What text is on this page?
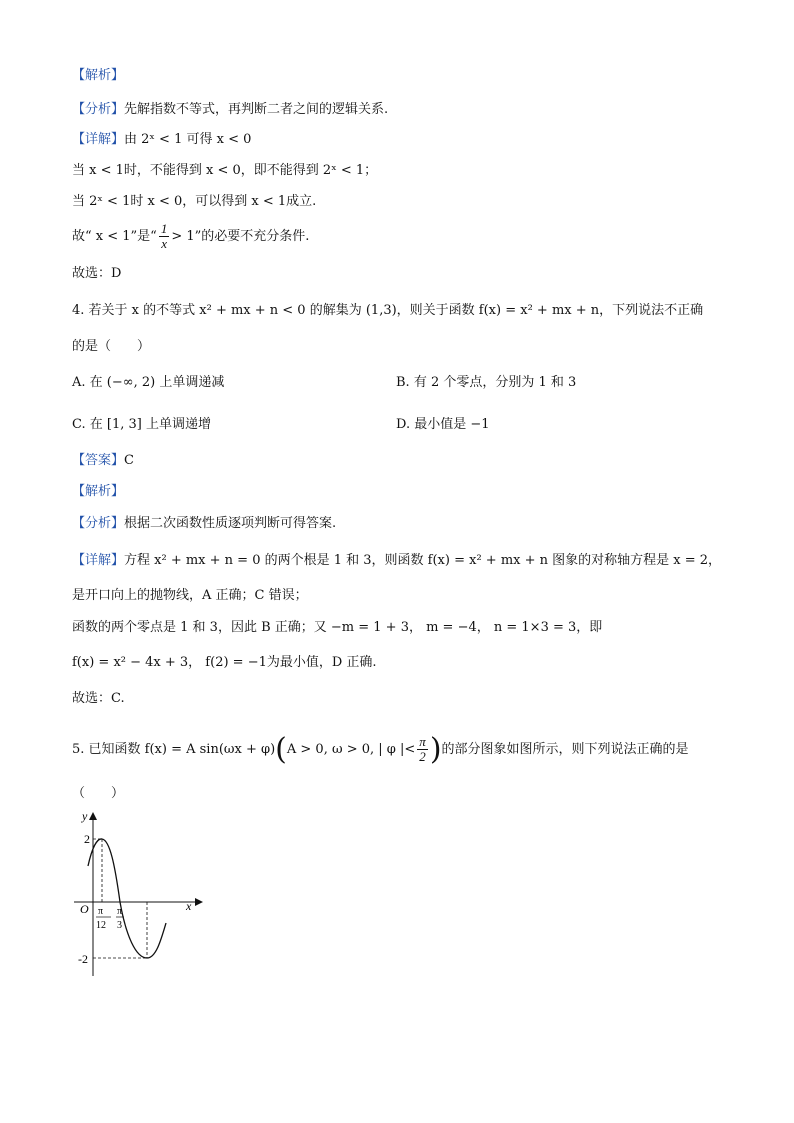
【解析】
【分析】先解指数不等式，再判断二者之间的逻辑关系.
【详解】由 2ˣ < 1 可得 x < 0
当 x < 1时，不能得到 x < 0，即不能得到 2ˣ < 1；
当 2ˣ < 1时 x < 0，可以得到 x < 1成立.
故“ x < 1”是“ $\frac{1}{x} > 1$”的必要不充分条件.
故选：D
4. 若关于 x 的不等式 x² + mx + n < 0 的解集为 (1,3)，则关于函数 f(x) = x² + mx + n，下列说法不正确
的是（　　）
A. 在 (−∞, 2) 上单调递减	B. 有 2 个零点，分别为 1 和 3
C. 在 [1, 3] 上单调递增	D. 最小值是 −1
【答案】C
【解析】
【分析】根据二次函数性质逐项判断可得答案.
【详解】方程 x² + mx + n = 0 的两个根是 1 和 3，则函数 f(x) = x² + mx + n 图象的对称轴方程是 x = 2，
是开口向上的抛物线，A 正确；C 错误；
函数的两个零点是 1 和 3，因此 B 正确；又 −m = 1 + 3， m = −4， n = 1×3 = 3，即
f(x) = x² − 4x + 3， f(2) = −1为最小值，D 正确.
故选：C.
5. 已知函数 f(x) = A sin(ωx + φ)(A > 0, ω > 0, | φ |< $\frac{\pi}{2}$ )的部分图象如图所示，则下列说法正确的是
（　　）
y
x
O
2
-2
π
12
π
3
